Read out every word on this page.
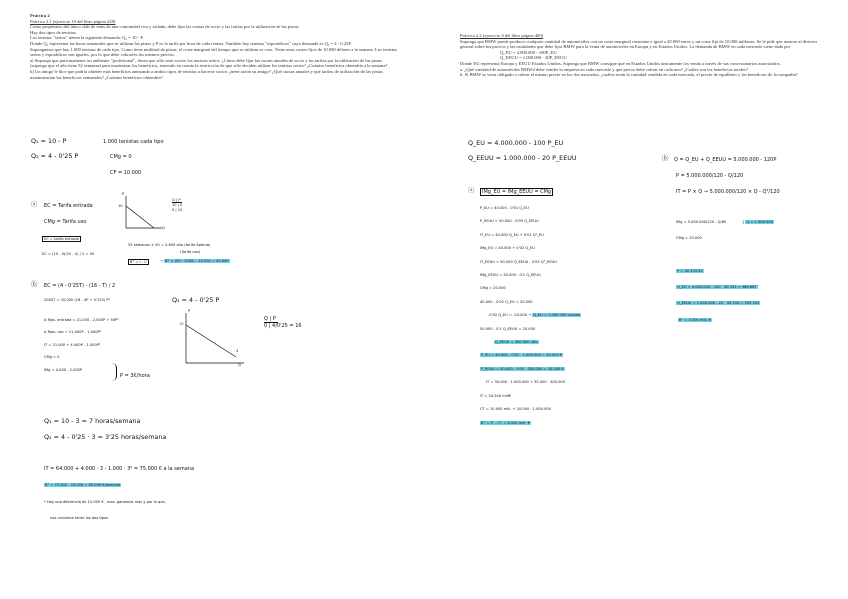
Práctica 2
Práctica 2.1 (ejercicio 10 del libro página 428)
Como propietario del único club de tenis de una comunidad rica y aislada, debe fijar las cuotas de socio y las tarifas por la utilización de las pistas.
Hay dos tipos de tenistas.
Los tenistas "serios" tienen la siguiente demanda: Q₁ = 10 - P.
Donde Q₁ representa las horas semanales que se utilizan las pistas y P es la tarifa por hora de cada tenista. También hay tenistas "esporádicos" cuya demanda es Q₂ = 4 - 0.25P.
Supongamos que hay 1.000 tenistas de cada tipo. Como tiene multitud de pistas, el coste marginal del tiempo que se utilizan es cero. Tiene unos costes fijos de 10.000 dólares a la semana. Los tenistas serios y esporádicos son iguales, por lo que debe cobrarles los mismos precios.
a) Suponga que para mantener un ambiente "profesional", desea que sólo sean socios los tenistas serios. ¿Cómo debe fijar las cuotas anuales de socio y las tarifas por la utilización de las pistas (suponga que el año tiene 52 semanas) para maximizar los beneficios, teniendo en cuenta la restricción de que sólo deciden utilizar los tenistas serios? ¿Cuántos beneficios obtendría a la semana?
b) Un amigo le dice que podría obtener más beneficios animando a ambos tipos de tenistas a hacerse socios ¿tiene razón su amigo? ¿Qué cuotas anuales y qué tarifas de utilización de las pistas maximizarían los beneficios semanales? ¿Cuántos beneficios obtendría?
Q₁ = 10 - P
Q₂ = 4 - 0'25 P
1.000 tenistas cada tipo
CMg = 0
CF = 10.000
ⓐ EC = Tarifa entrada
CMg = Tarifa uso
EC = tarifa entrada
EC = (10 - 0)(10 - 0) / 2 = 50
P
10
Q
Q | P
10 | 0
0 | 10
52 semanas × 50 = 2.600 año (tarifa óptima)
(Tarifa uso)
B° = I - C	→ B° = (50 · 1000) - 10.000 = 40.000
ⓑ EC = (4 - 0'25T) · (16 - T) / 2
2000T = 20.000 (16 - 4P + 0'125) P²	Q₂ = 4 - 0'25 P
A fijas. entrada = 21.000 - 2.000P + 50P²
A fijas. uso = 11.000P - 1.000P²
IT = 21.000 + 4.000P - 1.000P²
CMg = 0
IMg = 4.000 - 2.000P
P = 3€/hora
P
16
4
Q
Q | P
0 | 4/0'25 = 16
Q₁ = 10 - 3 = 7 horas/semana
Q₂ = 4 - 0'25 · 3 = 3'25 horas/semana
IT = 64.000 + 4.000 · 3 - 1.000 · 3² = 75.000 € a la semana
B° = 75.000 - 10.000 = 65.000 €/semana
* Hay una diferencia de 15.000 € , mas. ganamos más y por lo que,
nos conviene tener los dos tipos
Práctica 2.2 (ejercicio 4 del libro página 400)
Suponga que BMW puede producir cualquier cantidad de automóviles con un coste marginal constante e igual a 20.000 euros y un coste fijo de 10.000 millones. Se le pide que asesore al director general sobre los precios y las cantidades que debe fijar BMW para la venta de automóviles en Europa y en Estados Unidos. La demanda de BMW en cada mercado viene dada por
Q_EU = 4.000.000 - 100P_EU
Q_EEUU = 1.000.000 - 20P_EEUU
Donde EU representa Europa y EEUU Estados Unidos. Suponga que BMW consigue que en Estados Unidos únicamente los venda a través de sus concesionarios autorizados.
a. ¿Qué cantidad de automóviles BMWd debe vender la empresa en cada mercado y qué precio debe cobrar en cada uno? ¿Cuáles son los beneficios totales?
b. Si BMW se viera obligado a cobrar el mismo precio en los dos mercados, ¿cuáles serán la cantidad vendida en cada mercado, el precio de equilibrio y los beneficios de la compañía?
Q_EU = 4.000.000 - 100 P_EU
Q_EEUU = 1.000.000 - 20 P_EEUU
ⓐ	IMg_EU = IMg_EEUU = CMg
P_EU = 40.000 - 0'01 Q_EU
P_EEUU = 50.000 - 0'05 Q_EEUU
IT_EU = 40.000 Q_EU + 0'01 Q²_EU
IMg_EU = 40.000 + 0'02 Q_EU
IT_EEUU = 50.000 Q_EEUU - 0'05 Q²_EEUU
IMg_EEUU = 50.000 - 0'1 Q_EEUU
CMg = 20.000
40.000 - 0'02 Q_EU = 20.000
-0'02 Q_EU = -20.000 → Q_EU = 1.000.000 coches
50.000 - 0'1 Q_EEUU = 20.000
Q_EEUU = 300.000 uds.
P_EU = 40.000 - 0'01 · 1.000.000 = 30.000 €
P_EEUU = 50.000 - 0'05 · 300.000 = 35.000 €
IT = 30.000 · 1.000.000 + 35.000 · 300.000
IT = 54.500 mill€
CT = 10.000 mill. + 20.000 · 1.000.000
B° = IT - CT = 8.500 mill. €
ⓑ Q = Q_EU + Q_EEUU = 5.000.000 - 120P
P = 5.000.000/120 - Q/120
IT = P × Q → 5.000.000/120 × Q - Q²/120
IMg = 5.000.000/120 - Q/60	} Q = 1.500.000
CMg = 20.000
P = 30.333'33
Q_EU = 4.000.000 - 100 · 30.333 = 966.667
Q_EEUU = 1.000.000 - 20 · 30.333 = 393.333
B° = 4.000 mill. €
